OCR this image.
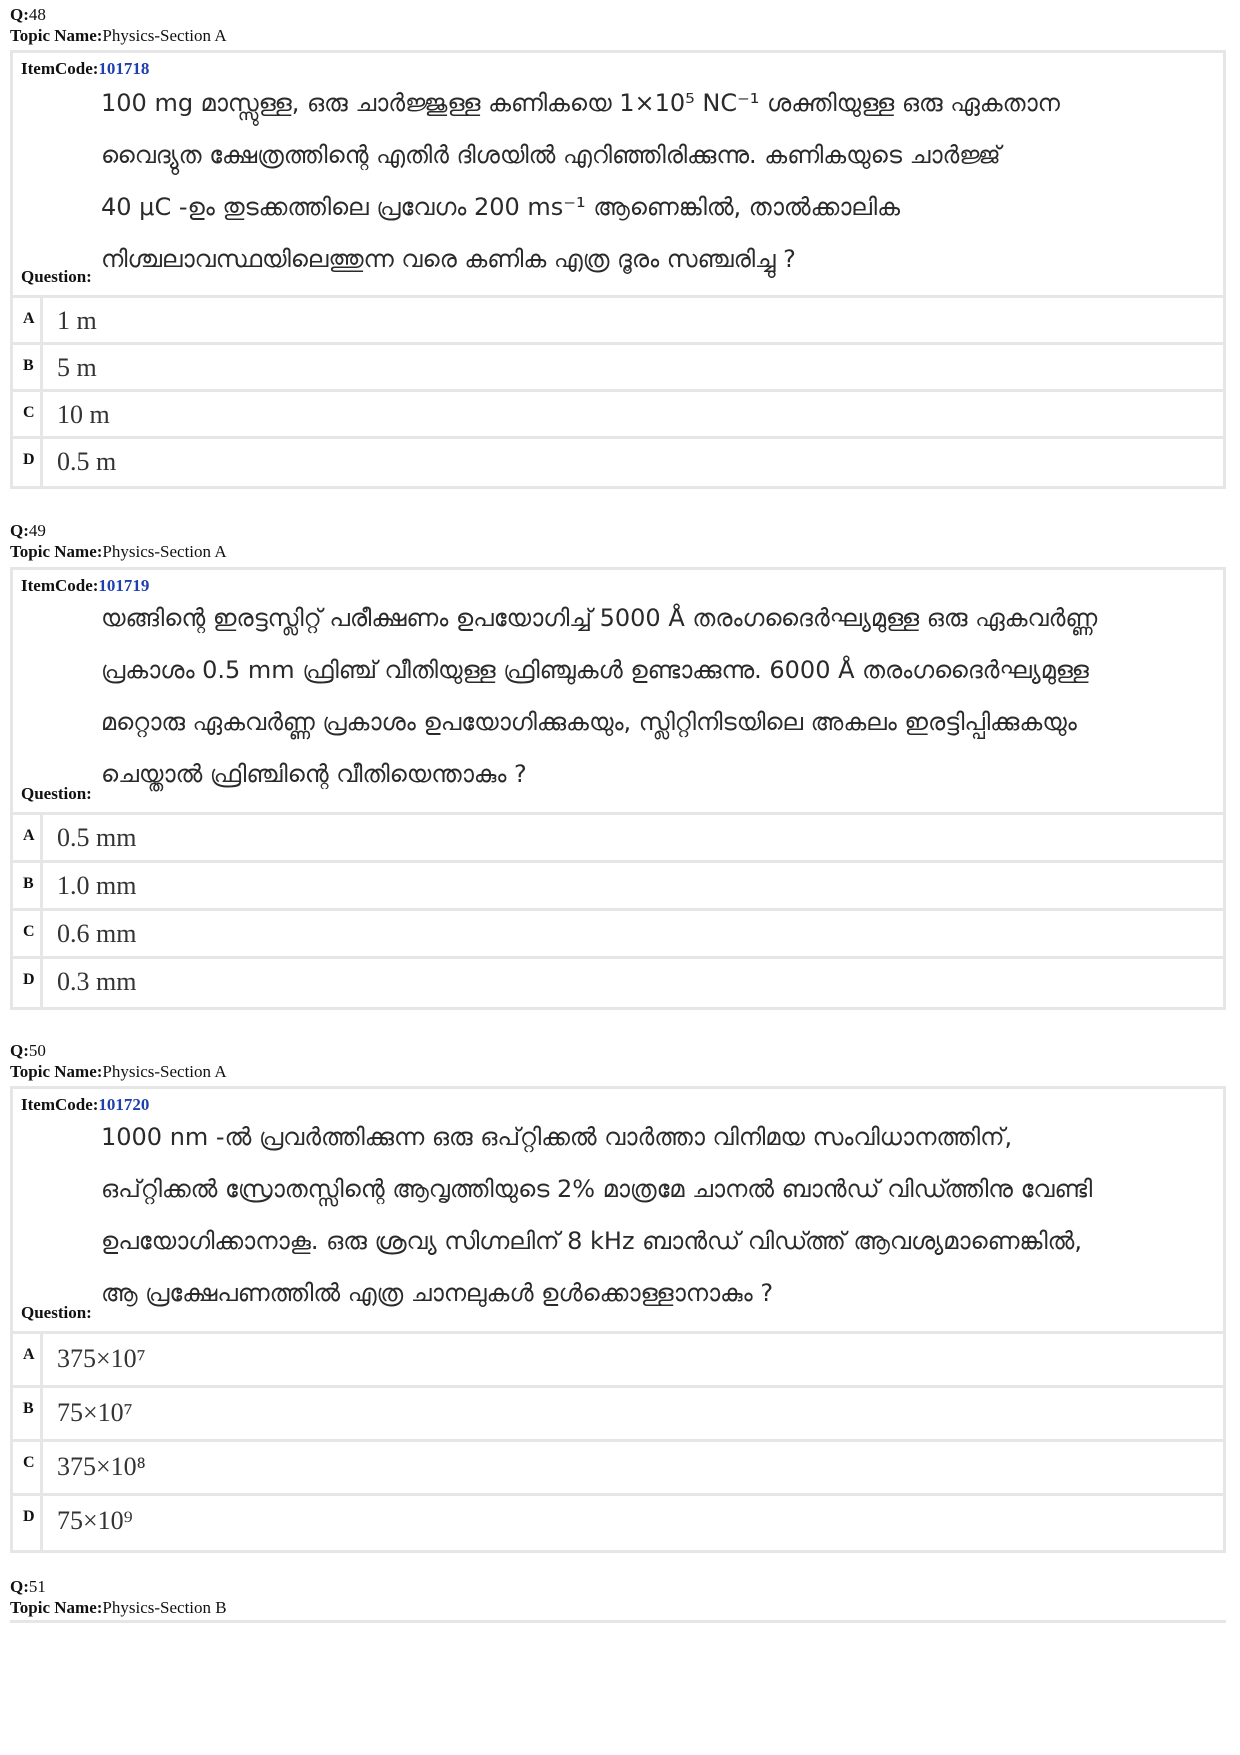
Q:48
Topic Name:Physics-Section A
ItemCode:101718
100 mg മാസ്സുള്ള, ഒരു ചാർജ്ജുള്ള കണികയെ 1×10⁵ NC⁻¹ ശക്തിയുള്ള ഒരു ഏകതാന
വൈദ്യുത ക്ഷേത്രത്തിന്റെ എതിർ ദിശയിൽ എറിഞ്ഞിരിക്കുന്നു. കണികയുടെ ചാർജ്ജ്
40 μC -ഉം തുടക്കത്തിലെ പ്രവേഗം 200 ms⁻¹ ആണെങ്കിൽ, താൽക്കാലിക
നിശ്ചലാവസ്ഥയിലെത്തുന്ന വരെ കണിക എത്ര ദൂരം സഞ്ചരിച്ചു ?
Question:
A 1 m
B 5 m
C 10 m
D 0.5 m
Q:49
Topic Name:Physics-Section A
ItemCode:101719
യങ്ങിന്റെ ഇരട്ടസ്ലിറ്റ് പരീക്ഷണം ഉപയോഗിച്ച് 5000 Å തരംഗദൈർഘ്യമുള്ള ഒരു ഏകവർണ്ണ
പ്രകാശം 0.5 mm ഫ്രിഞ്ച് വീതിയുള്ള ഫ്രിഞ്ചുകൾ ഉണ്ടാക്കുന്നു. 6000 Å തരംഗദൈർഘ്യമുള്ള
മറ്റൊരു ഏകവർണ്ണ പ്രകാശം ഉപയോഗിക്കുകയും, സ്ലിറ്റിനിടയിലെ അകലം ഇരട്ടിപ്പിക്കുകയും
ചെയ്താൽ ഫ്രിഞ്ചിന്റെ വീതിയെന്താകും ?
Question:
A 0.5 mm
B 1.0 mm
C 0.6 mm
D 0.3 mm
Q:50
Topic Name:Physics-Section A
ItemCode:101720
1000 nm -ൽ പ്രവർത്തിക്കുന്ന ഒരു ഒപ്റ്റിക്കൽ വാർത്താ വിനിമയ സംവിധാനത്തിന്,
ഒപ്റ്റിക്കൽ സ്രോതസ്സിന്റെ ആവൃത്തിയുടെ 2% മാത്രമേ ചാനൽ ബാൻഡ് വിഡ്ത്തിനു വേണ്ടി
ഉപയോഗിക്കാനാകൂ. ഒരു ശ്രവ്യ സിഗ്നലിന് 8 kHz ബാൻഡ് വിഡ്ത്ത് ആവശ്യമാണെങ്കിൽ,
ആ പ്രക്ഷേപണത്തിൽ എത്ര ചാനലുകൾ ഉൾക്കൊള്ളാനാകും ?
Question:
A 375×10⁷
B 75×10⁷
C 375×10⁸
D 75×10⁹
Q:51
Topic Name:Physics-Section B
